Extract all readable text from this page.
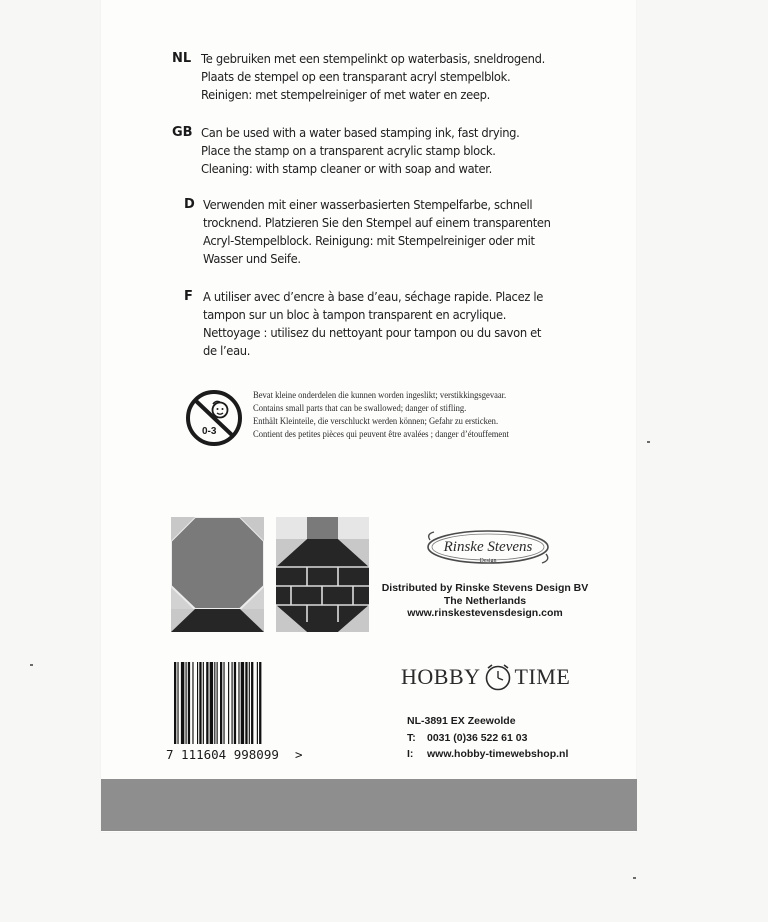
NL Te gebruiken met een stempelinkt op waterbasis, sneldrogend.
Plaats de stempel op een transparant acryl stempelblok.
Reinigen: met stempelreiniger of met water en zeep.
GB Can be used with a water based stamping ink, fast drying.
Place the stamp on a transparent acrylic stamp block.
Cleaning: with stamp cleaner or with soap and water.
D Verwenden mit einer wasserbasierten Stempelfarbe, schnell
trocknend. Platzieren Sie den Stempel auf einem transparenten
Acryl-Stempelblock. Reinigung: mit Stempelreiniger oder mit
Wasser und Seife.
F A utiliser avec d’encre à base d’eau, séchage rapide. Placez le
tampon sur un bloc à tampon transparent en acrylique.
Nettoyage : utilisez du nettoyant pour tampon ou du savon et
de l’eau.
0-3
Bevat kleine onderdelen die kunnen worden ingeslikt; verstikkingsgevaar.
Contains small parts that can be swallowed; danger of stifling.
Enthält Kleinteile, die verschluckt werden können; Gefahr zu ersticken.
Contient des petites pièces qui peuvent être avalées ; danger d’étouffement
Rinske Stevens
Design
Distributed by Rinske Stevens Design BV
The Netherlands
www.rinskestevensdesign.com
7 111604 998099 >
HOBBY TIME
NL-3891 EX Zeewolde
T:	0031 (0)36 522 61 03
I:	www.hobby-timewebshop.nl
